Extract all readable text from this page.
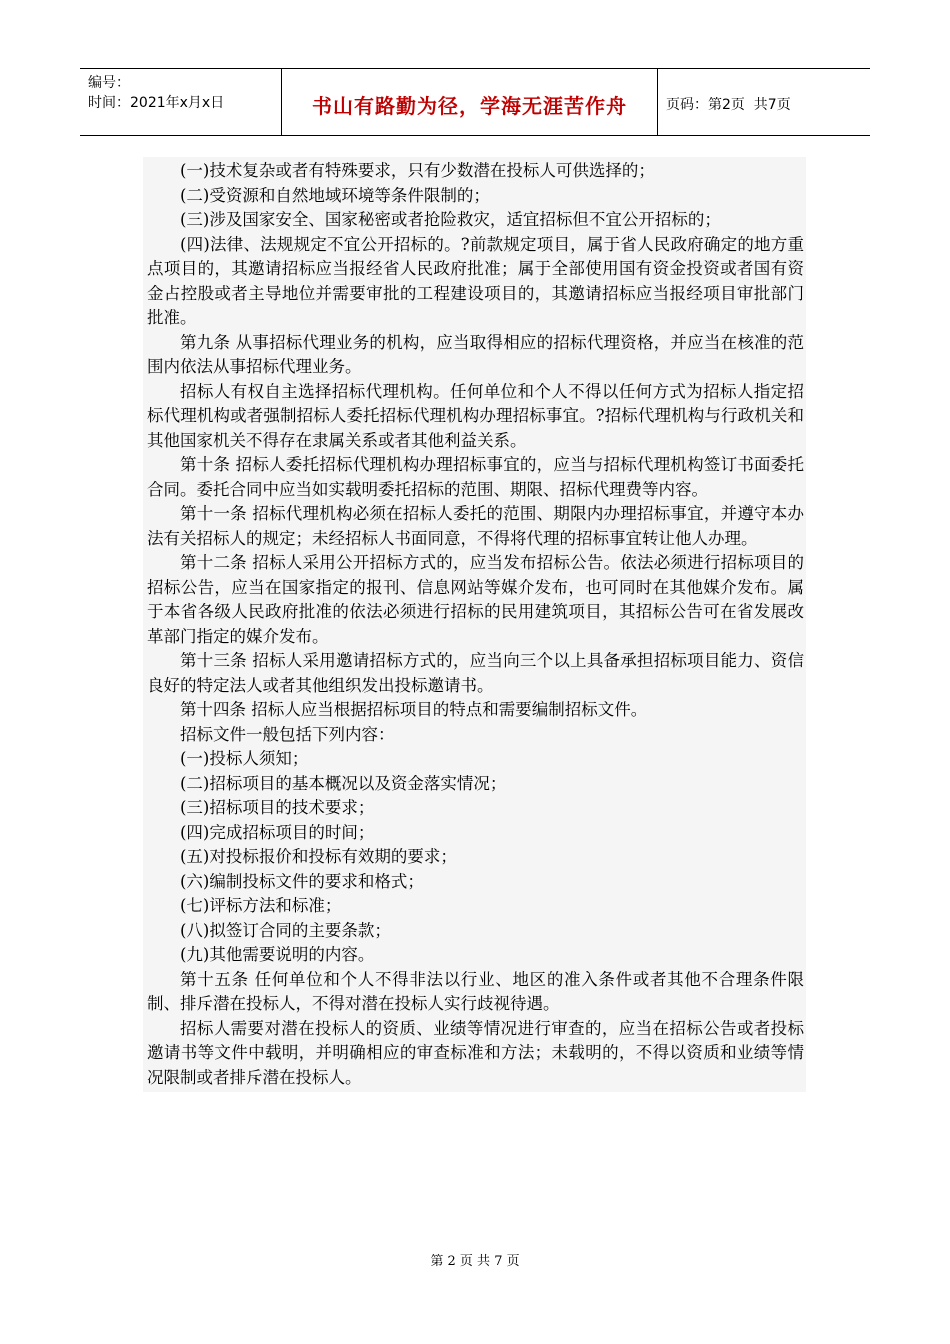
编号：
时间：2021年x月x日	书山有路勤为径，学海无涯苦作舟	页码：第2页  共7页

(一)技术复杂或者有特殊要求，只有少数潜在投标人可供选择的；

(二)受资源和自然地域环境等条件限制的；

(三)涉及国家安全、国家秘密或者抢险救灾，适宜招标但不宜公开招标的；

(四)法律、法规规定不宜公开招标的。?前款规定项目，属于省人民政府确定的地方重点项目的，其邀请招标应当报经省人民政府批准；属于全部使用国有资金投资或者国有资金占控股或者主导地位并需要审批的工程建设项目的，其邀请招标应当报经项目审批部门批准。

第九条 从事招标代理业务的机构，应当取得相应的招标代理资格，并应当在核准的范围内依法从事招标代理业务。

招标人有权自主选择招标代理机构。任何单位和个人不得以任何方式为招标人指定招标代理机构或者强制招标人委托招标代理机构办理招标事宜。?招标代理机构与行政机关和其他国家机关不得存在隶属关系或者其他利益关系。

第十条 招标人委托招标代理机构办理招标事宜的，应当与招标代理机构签订书面委托合同。委托合同中应当如实载明委托招标的范围、期限、招标代理费等内容。

第十一条 招标代理机构必须在招标人委托的范围、期限内办理招标事宜，并遵守本办法有关招标人的规定；未经招标人书面同意，不得将代理的招标事宜转让他人办理。

第十二条 招标人采用公开招标方式的，应当发布招标公告。依法必须进行招标项目的招标公告，应当在国家指定的报刊、信息网站等媒介发布，也可同时在其他媒介发布。属于本省各级人民政府批准的依法必须进行招标的民用建筑项目，其招标公告可在省发展改革部门指定的媒介发布。

第十三条 招标人采用邀请招标方式的，应当向三个以上具备承担招标项目能力、资信良好的特定法人或者其他组织发出投标邀请书。

第十四条 招标人应当根据招标项目的特点和需要编制招标文件。

招标文件一般包括下列内容：

(一)投标人须知；

(二)招标项目的基本概况以及资金落实情况；

(三)招标项目的技术要求；

(四)完成招标项目的时间；

(五)对投标报价和投标有效期的要求；

(六)编制投标文件的要求和格式；

(七)评标方法和标准；

(八)拟签订合同的主要条款；

(九)其他需要说明的内容。

第十五条 任何单位和个人不得非法以行业、地区的准入条件或者其他不合理条件限制、排斥潜在投标人，不得对潜在投标人实行歧视待遇。

招标人需要对潜在投标人的资质、业绩等情况进行审查的，应当在招标公告或者投标邀请书等文件中载明，并明确相应的审查标准和方法；未载明的，不得以资质和业绩等情况限制或者排斥潜在投标人。

第 2 页 共 7 页
